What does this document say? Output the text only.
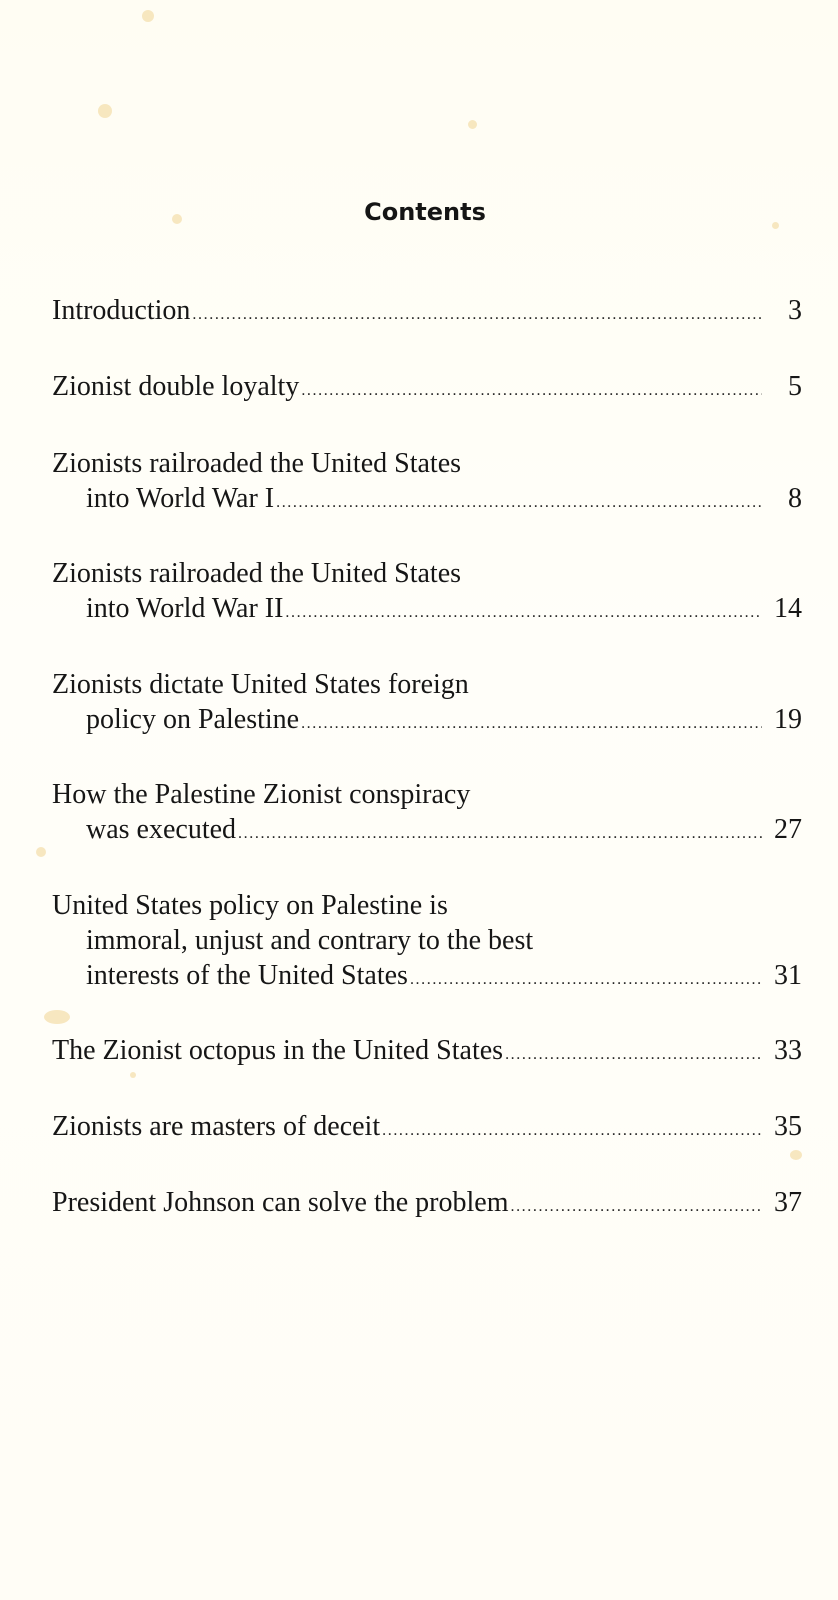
Contents
Introduction .....	3
Zionist double loyalty .....	5
Zionists railroaded the United States
into World War I .....	8
Zionists railroaded the United States
into World War II .....	14
Zionists dictate United States foreign
policy on Palestine .....	19
How the Palestine Zionist conspiracy
was executed .....	27
United States policy on Palestine is
immoral, unjust and contrary to the best
interests of the United States .....	31
The Zionist octopus in the United States .....	33
Zionists are masters of deceit .....	35
President Johnson can solve the problem .....	37
